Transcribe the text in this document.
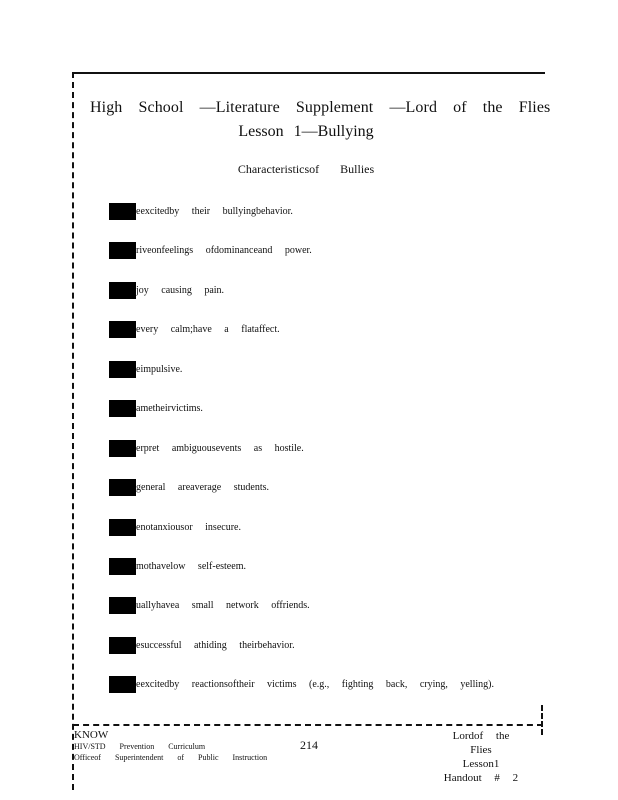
High School —Literature Supplement —Lord of the Flies
Lesson 1—Bullying
Characteristicsof Bullies
eexcitedby their bullyingbehavior.
riveonfeelings ofdominanceand power.
joy causing pain.
every calm;have a flataffect.
eimpulsive.
ametheirvictims.
erpret ambiguousevents as hostile.
general areaverage students.
enotanxiousor insecure.
mothavelow self-esteem.
uallyhavea small network offriends.
esuccessful athiding theirbehavior.
eexcitedby reactionsoftheir victims (e.g., fighting back, crying, yelling).
KNOW
HIV/STD Prevention Curriculum
Officeof Superintendent of Public Instruction
214
Lordof the Flies
Lesson1
Handout # 2
